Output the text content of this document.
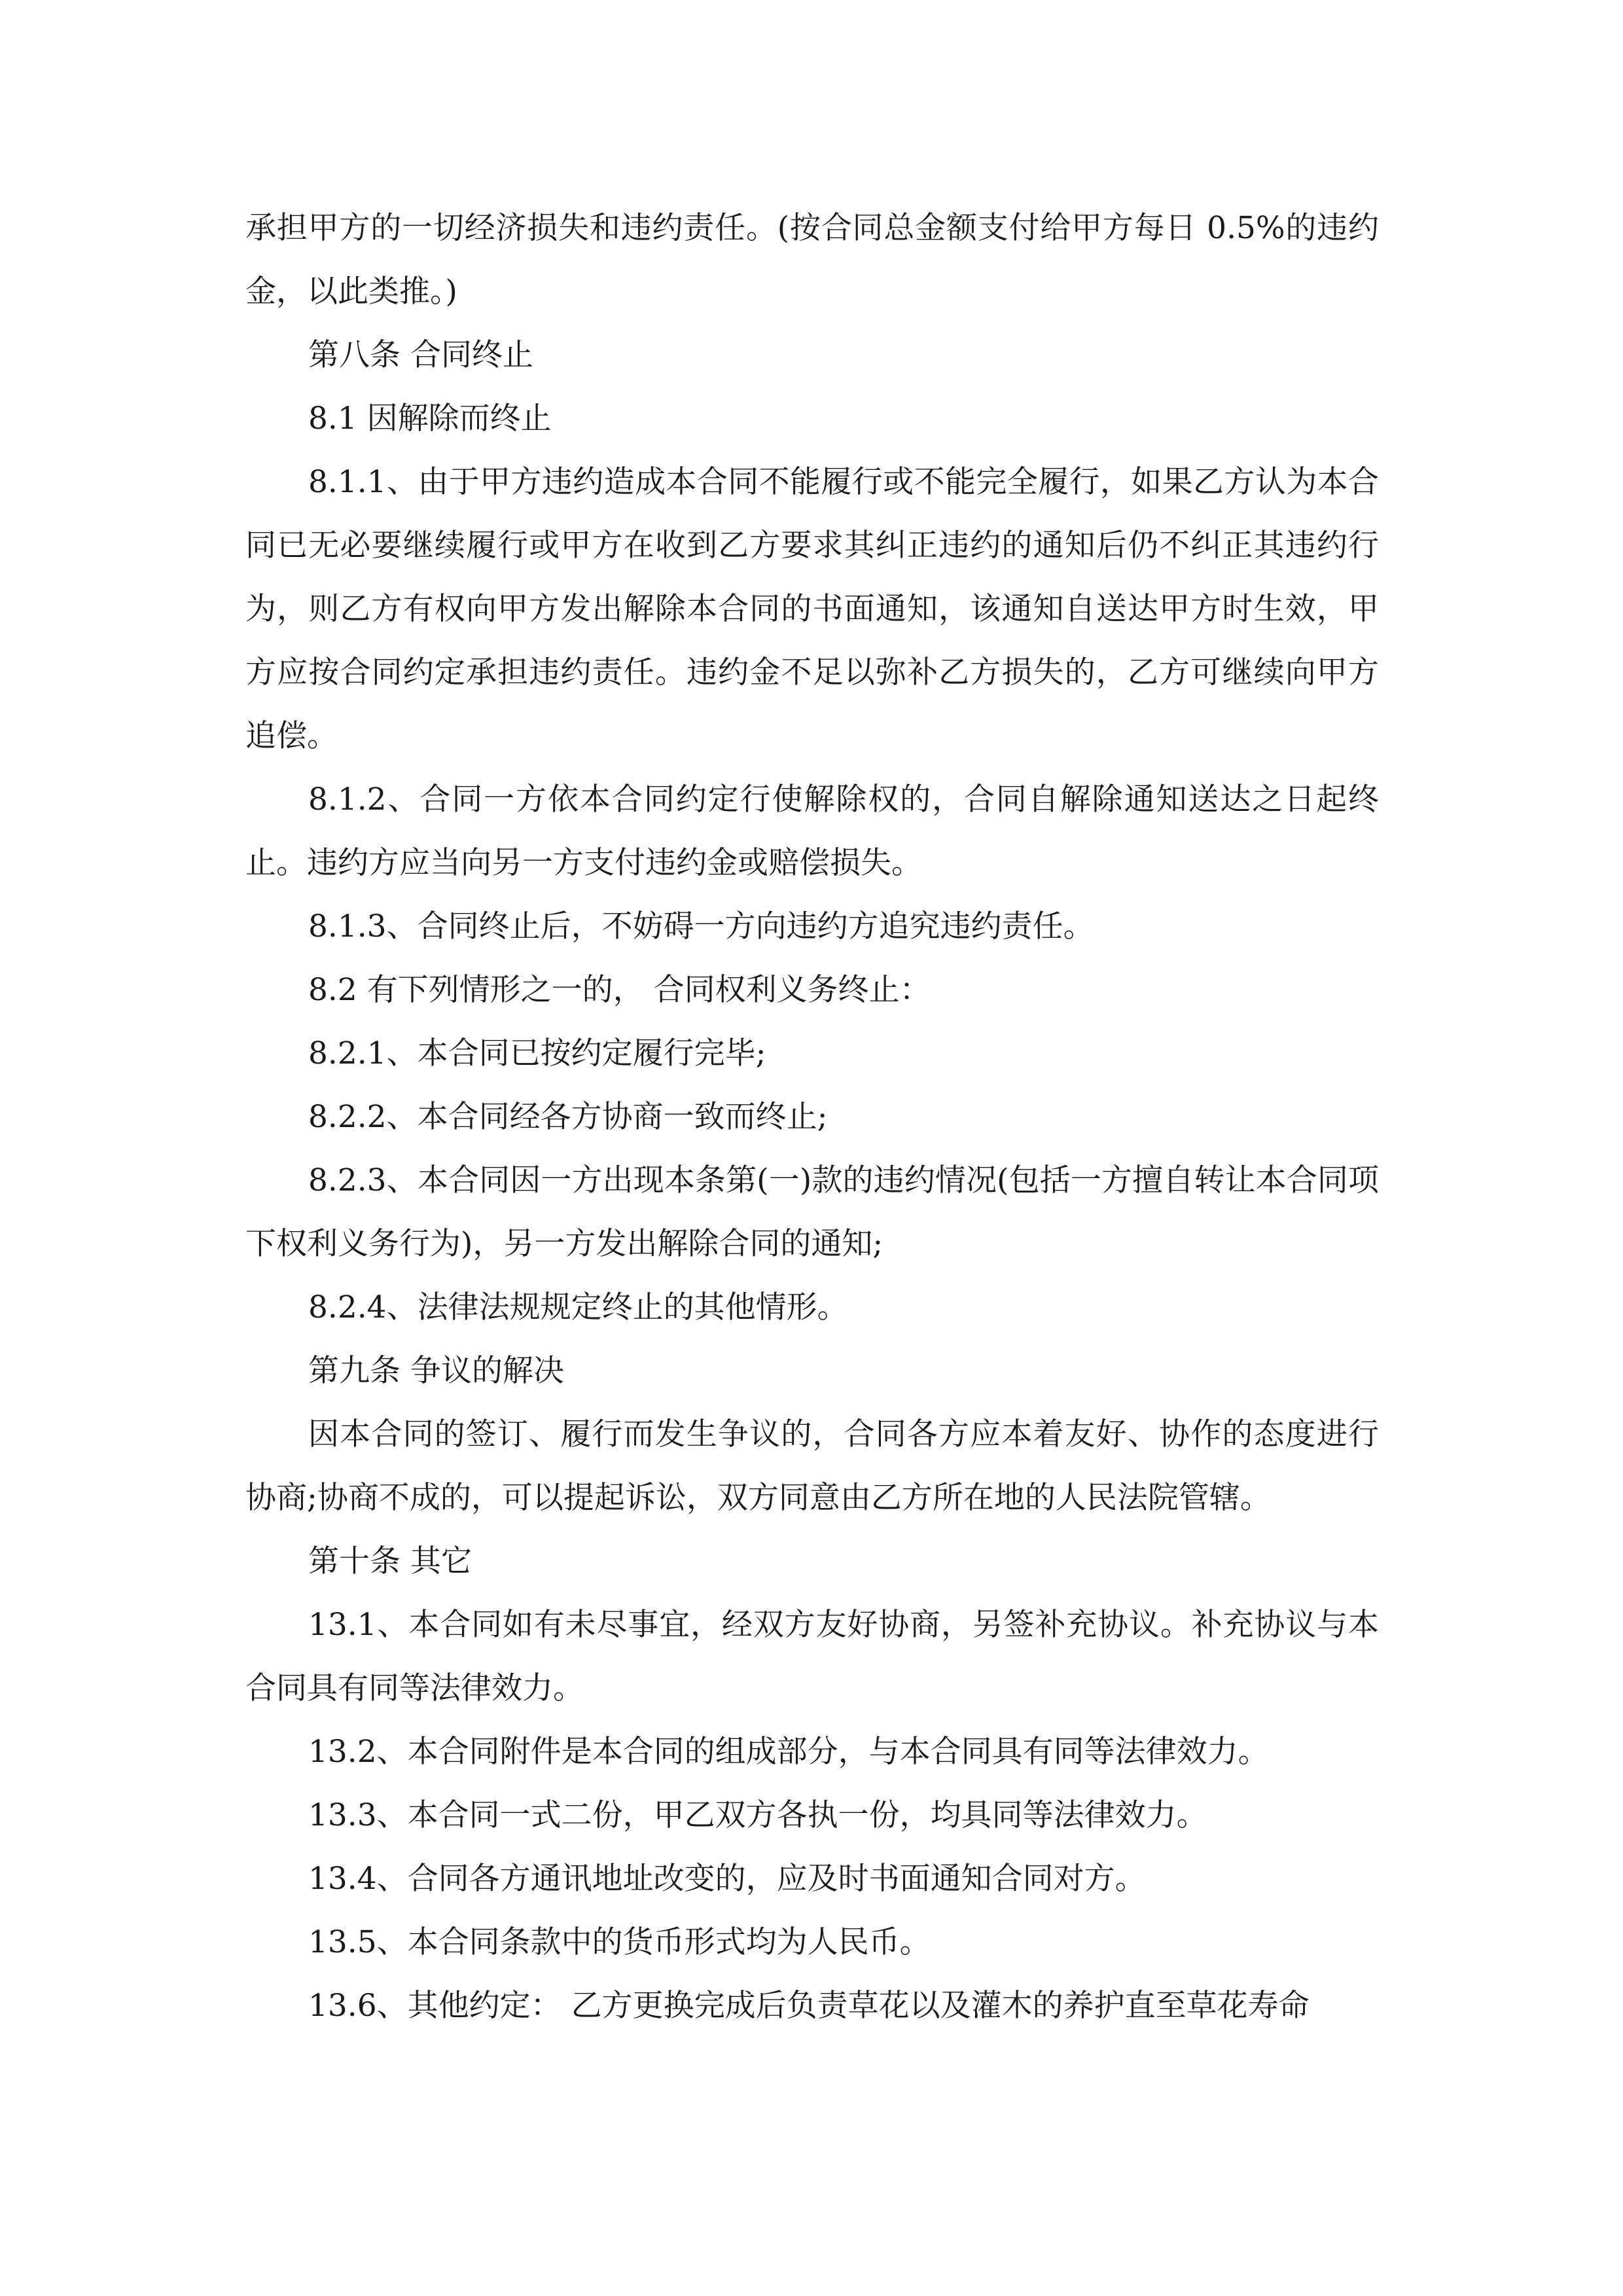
承担甲方的一切经济损失和违约责任。(按合同总金额支付给甲方每日 0.5%的违约金，以此类推。)

第八条 合同终止

8.1 因解除而终止

8.1.1、由于甲方违约造成本合同不能履行或不能完全履行，如果乙方认为本合同已无必要继续履行或甲方在收到乙方要求其纠正违约的通知后仍不纠正其违约行为，则乙方有权向甲方发出解除本合同的书面通知，该通知自送达甲方时生效，甲方应按合同约定承担违约责任。违约金不足以弥补乙方损失的，乙方可继续向甲方追偿。

8.1.2、合同一方依本合同约定行使解除权的，合同自解除通知送达之日起终止。违约方应当向另一方支付违约金或赔偿损失。

8.1.3、合同终止后，不妨碍一方向违约方追究违约责任。

8.2 有下列情形之一的， 合同权利义务终止：

8.2.1、本合同已按约定履行完毕;

8.2.2、本合同经各方协商一致而终止;

8.2.3、本合同因一方出现本条第(一)款的违约情况(包括一方擅自转让本合同项下权利义务行为)，另一方发出解除合同的通知;

8.2.4、法律法规规定终止的其他情形。

第九条 争议的解决

因本合同的签订、履行而发生争议的，合同各方应本着友好、协作的态度进行协商;协商不成的，可以提起诉讼，双方同意由乙方所在地的人民法院管辖。

第十条 其它

13.1、本合同如有未尽事宜，经双方友好协商，另签补充协议。补充协议与本合同具有同等法律效力。

13.2、本合同附件是本合同的组成部分，与本合同具有同等法律效力。

13.3、本合同一式二份，甲乙双方各执一份，均具同等法律效力。

13.4、合同各方通讯地址改变的，应及时书面通知合同对方。

13.5、本合同条款中的货币形式均为人民币。

13.6、其他约定： 乙方更换完成后负责草花以及灌木的养护直至草花寿命
